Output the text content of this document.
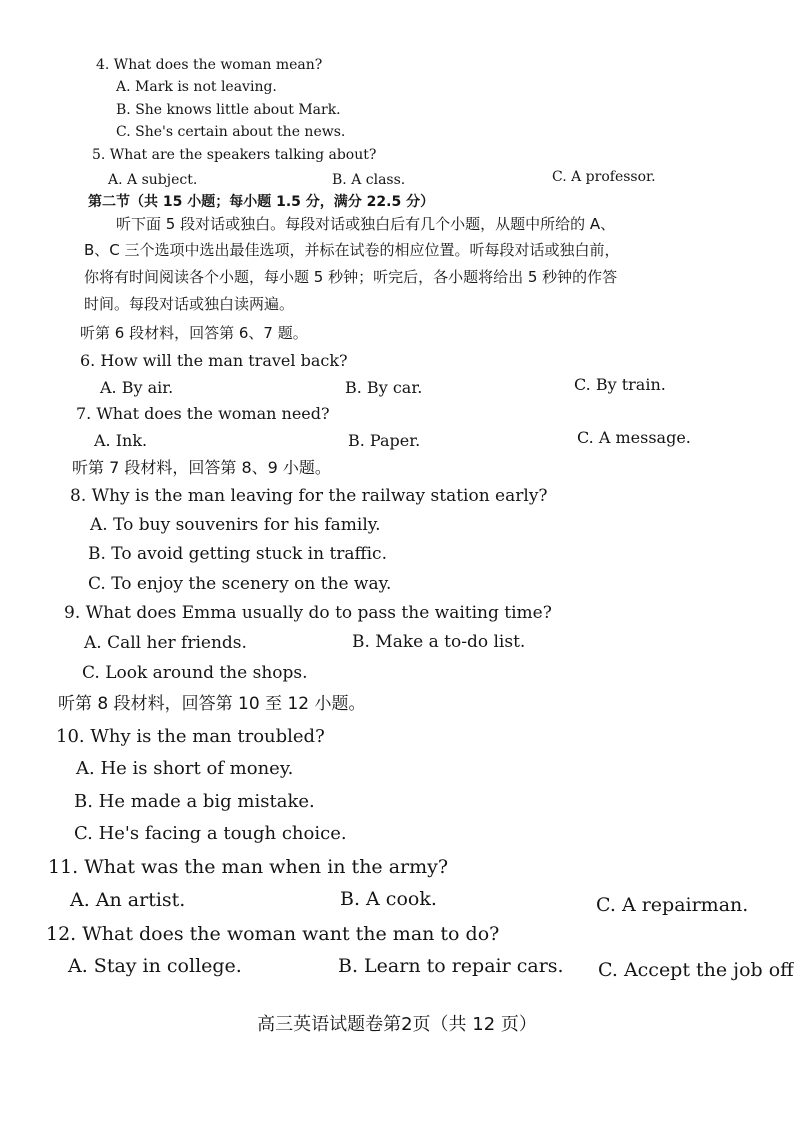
4. What does the woman mean?
A. Mark is not leaving.
B. She knows little about Mark.
C. She's certain about the news.
5. What are the speakers talking about?
A. A subject.	B. A class.	C. A professor.
第二节（共 15 小题；每小题 1.5 分，满分 22.5 分）
听下面 5 段对话或独白。每段对话或独白后有几个小题，从题中所给的 A、
B、C 三个选项中选出最佳选项，并标在试卷的相应位置。听每段对话或独白前，
你将有时间阅读各个小题，每小题 5 秒钟；听完后，各小题将给出 5 秒钟的作答
时间。每段对话或独白读两遍。
听第 6 段材料，回答第 6、7 题。
6. How will the man travel back?
A. By air.	B. By car.	C. By train.
7. What does the woman need?
A. Ink.	B. Paper.	C. A message.
听第 7 段材料，回答第 8、9 小题。
8. Why is the man leaving for the railway station early?
A. To buy souvenirs for his family.
B. To avoid getting stuck in traffic.
C. To enjoy the scenery on the way.
9. What does Emma usually do to pass the waiting time?
A. Call her friends.	B. Make a to-do list.
C. Look around the shops.
听第 8 段材料，回答第 10 至 12 小题。
10. Why is the man troubled?
A. He is short of money.
B. He made a big mistake.
C. He's facing a tough choice.
11. What was the man when in the army?
A. An artist.	B. A cook.	C. A repairman.
12. What does the woman want the man to do?
A. Stay in college.	B. Learn to repair cars. C. Accept the job off
高三英语试题卷第2页（共 12 页）
